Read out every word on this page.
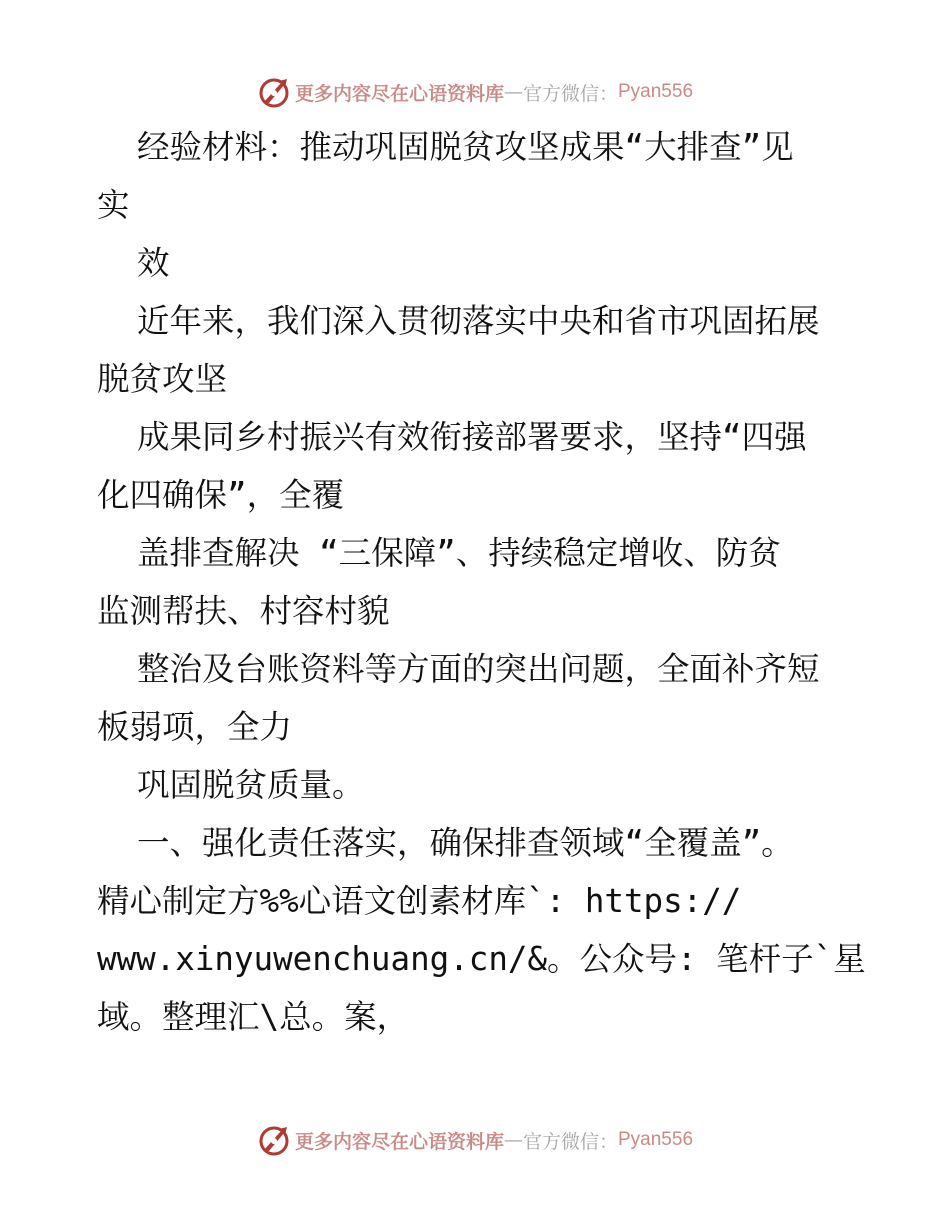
更多内容尽在心语资料库 — 官方微信： Pyan556
经验材料：推动巩固脱贫攻坚成果“大排查”见
实
效
近年来，我们深入贯彻落实中央和省市巩固拓展
脱贫攻坚
成果同乡村振兴有效衔接部署要求，坚持“四强
化四确保”，全覆
盖排查解决 “三保障”、持续稳定增收、防贫
监测帮扶、村容村貌
整治及台账资料等方面的突出问题，全面补齐短
板弱项，全力
巩固脱贫质量。
一、强化责任落实，确保排查领域“全覆盖”。
精心制定方%%心语文创素材库`: https://
www.xinyuwenchuang.cn/&。公众号: 笔杆子`星
域。整理汇\总。案，
更多内容尽在心语资料库 — 官方微信： Pyan556
